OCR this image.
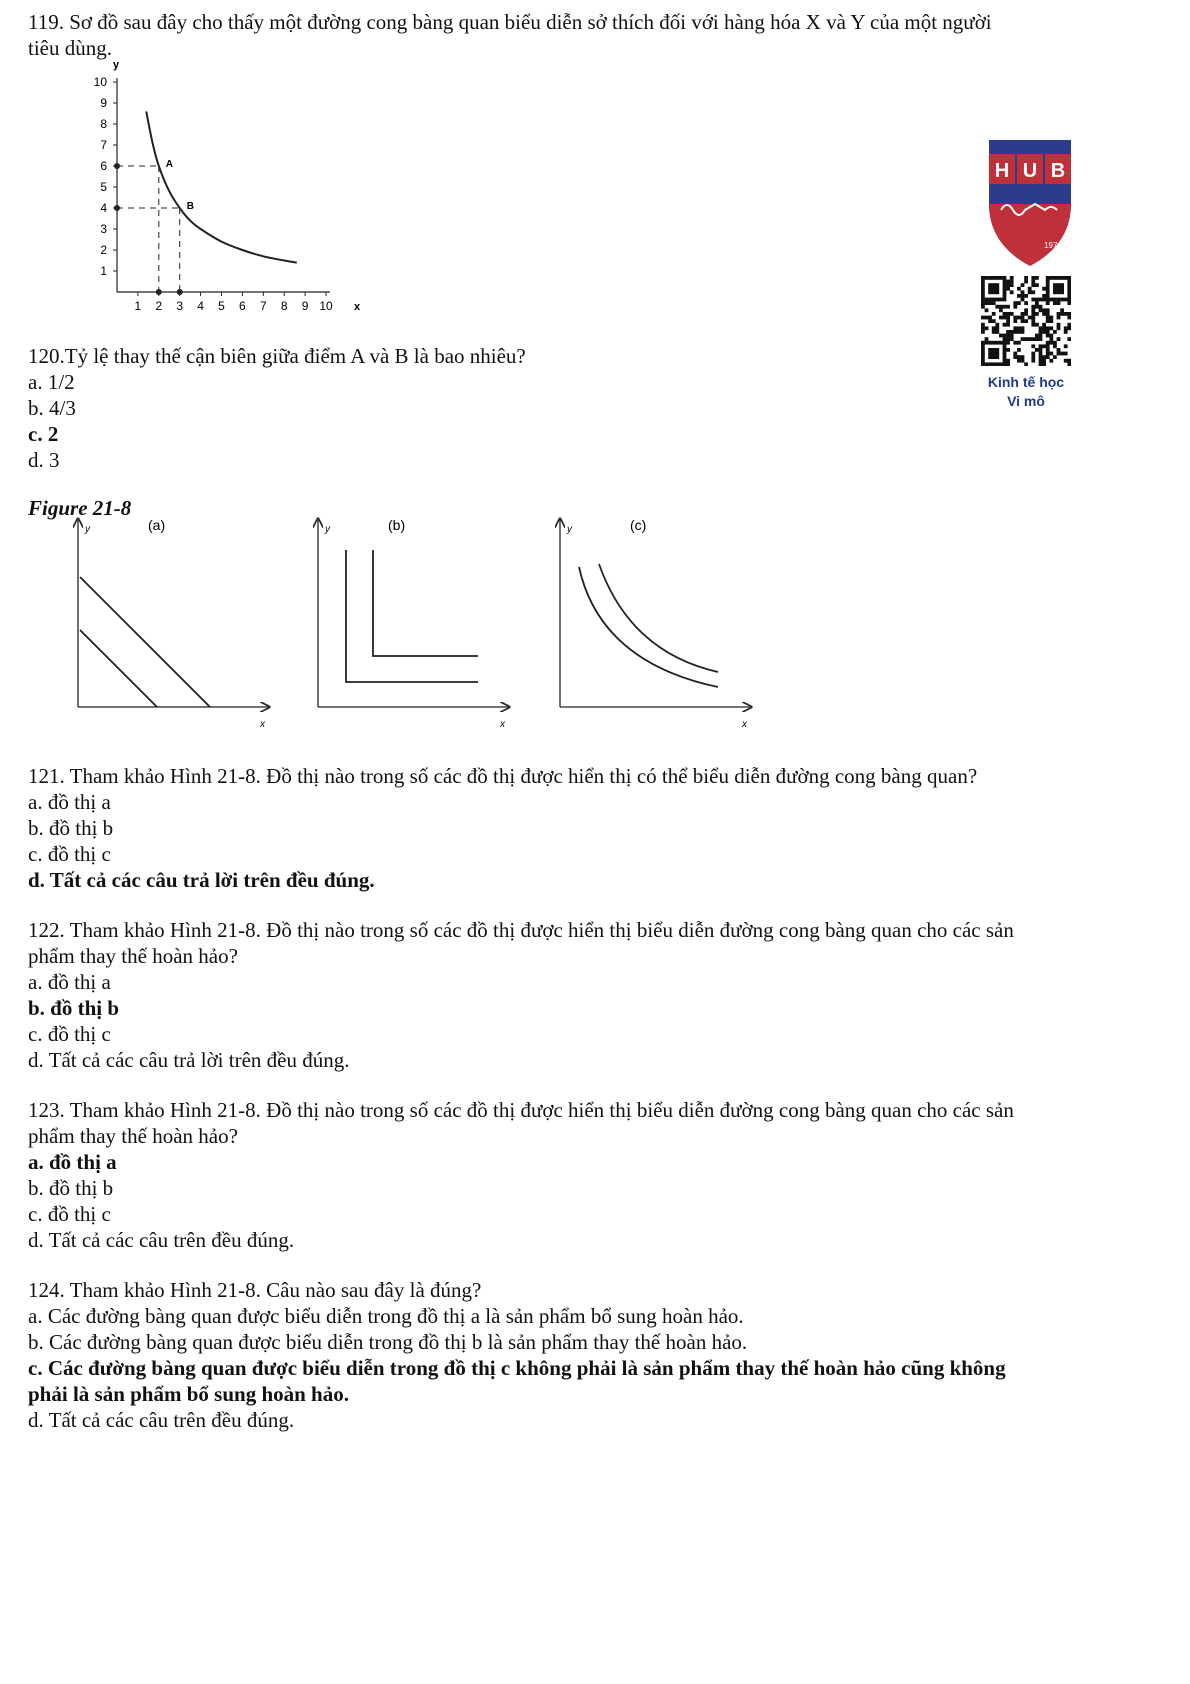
119. Sơ đồ sau đây cho thấy một đường cong bàng quan biểu diễn sở thích đối với hàng hóa X và Y của một người
tiêu dùng.
1 2 3 4 5 6 7 8 9 10
1
2
3
4
5
6
7
8
9
10
A
B
x
y
H U B
1976
Kinh tế học
Vi mô
120.Tỷ lệ thay thế cận biên giữa điểm A và B là bao nhiêu?
a. 1/2
b. 4/3
c. 2
d. 3
Figure 21-8
y
x
(a)	y
x
(b)	y
x
(c)
121. Tham khảo Hình 21-8. Đồ thị nào trong số các đồ thị được hiển thị có thể biểu diễn đường cong bàng quan?
a. đồ thị a
b. đồ thị b
c. đồ thị c
d. Tất cả các câu trả lời trên đều đúng.
122. Tham khảo Hình 21-8. Đồ thị nào trong số các đồ thị được hiển thị biểu diễn đường cong bàng quan cho các sản
phẩm thay thế hoàn hảo?
a. đồ thị a
b. đồ thị b
c. đồ thị c
d. Tất cả các câu trả lời trên đều đúng.
123. Tham khảo Hình 21-8. Đồ thị nào trong số các đồ thị được hiển thị biểu diễn đường cong bàng quan cho các sản
phẩm thay thế hoàn hảo?
a. đồ thị a
b. đồ thị b
c. đồ thị c
d. Tất cả các câu trên đều đúng.
124. Tham khảo Hình 21-8. Câu nào sau đây là đúng?
a. Các đường bàng quan được biểu diễn trong đồ thị a là sản phẩm bổ sung hoàn hảo.
b. Các đường bàng quan được biểu diễn trong đồ thị b là sản phẩm thay thế hoàn hảo.
c. Các đường bàng quan được biểu diễn trong đồ thị c không phải là sản phẩm thay thế hoàn hảo cũng không
phải là sản phẩm bổ sung hoàn hảo.
d. Tất cả các câu trên đều đúng.
